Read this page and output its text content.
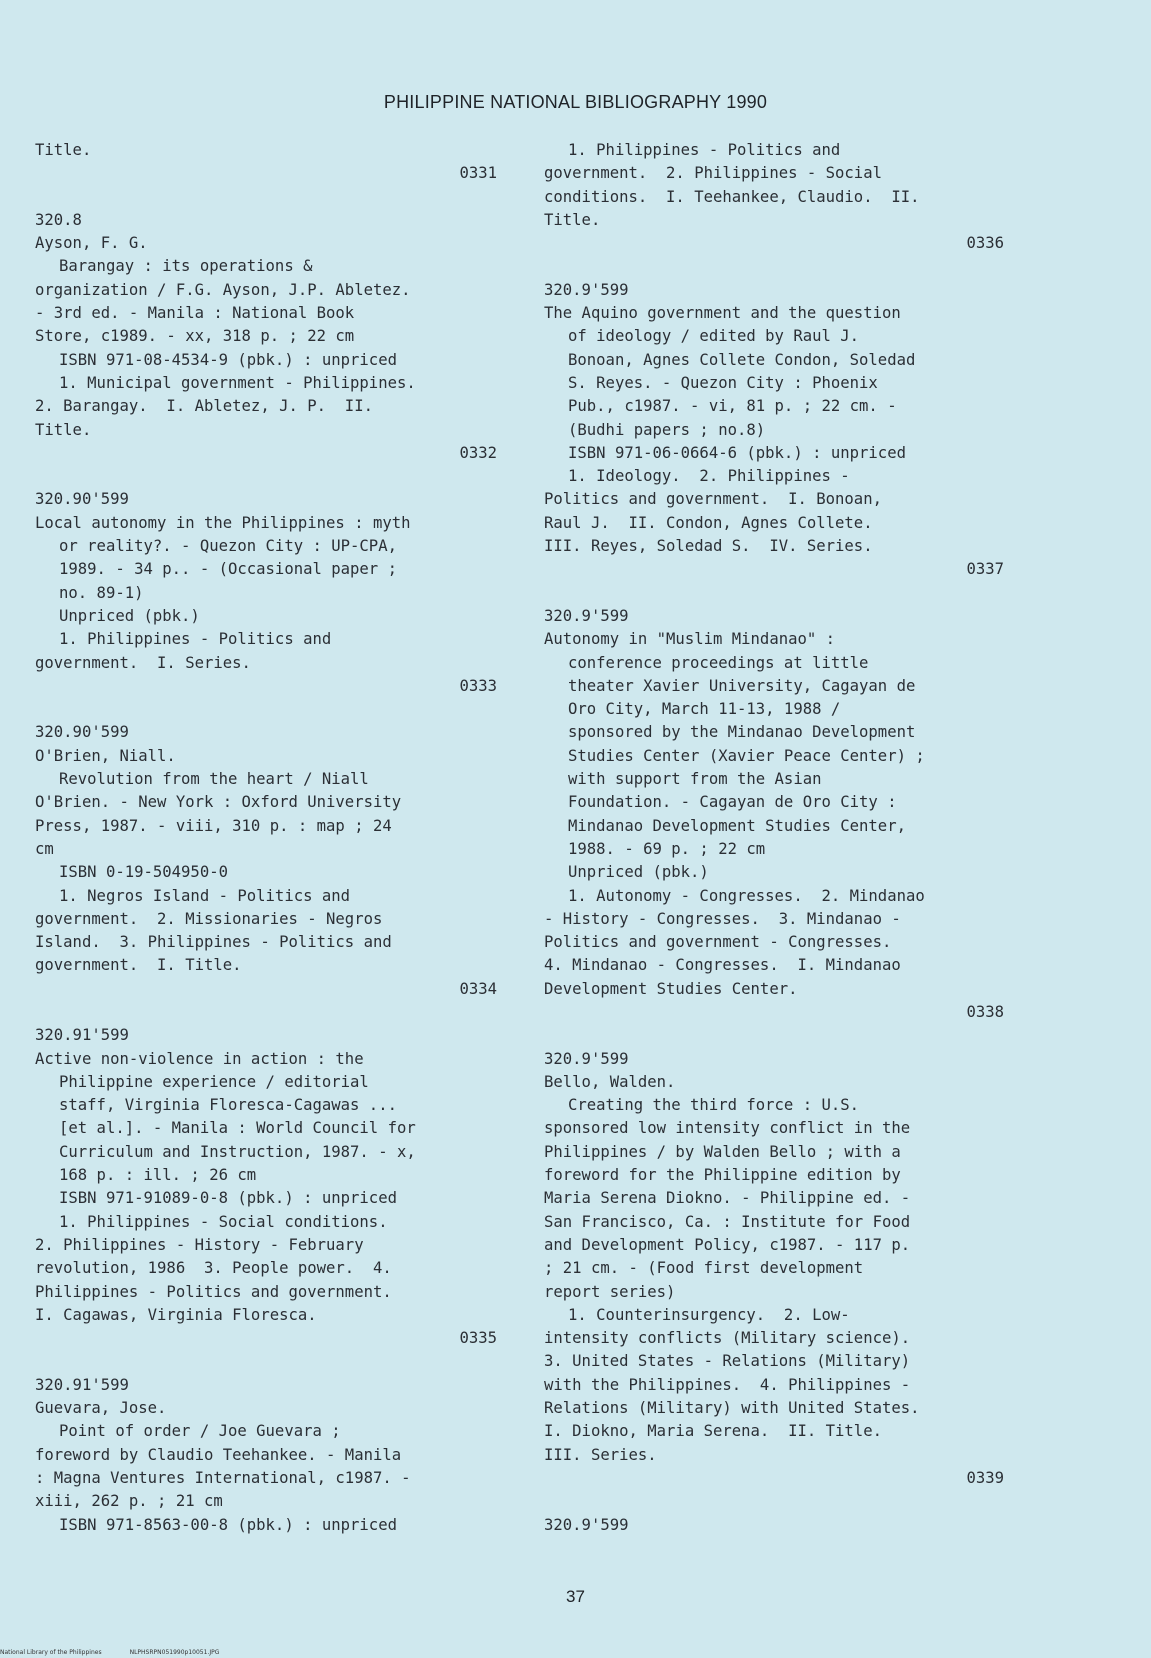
PHILIPPINE NATIONAL BIBLIOGRAPHY 1990
Title.
0331
320.8
Ayson, F. G.
Barangay : its operations &
organization / F.G. Ayson, J.P. Abletez.
- 3rd ed. - Manila : National Book
Store, c1989. - xx, 318 p. ; 22 cm
ISBN 971-08-4534-9 (pbk.) : unpriced
1. Municipal government - Philippines.
2. Barangay.  I. Abletez, J. P.  II.
Title.
0332
320.90'599
Local autonomy in the Philippines : myth
or reality?. - Quezon City : UP-CPA,
1989. - 34 p.. - (Occasional paper ;
no. 89-1)
Unpriced (pbk.)
1. Philippines - Politics and
government.  I. Series.
0333
320.90'599
O'Brien, Niall.
Revolution from the heart / Niall
O'Brien. - New York : Oxford University
Press, 1987. - viii, 310 p. : map ; 24
cm
ISBN 0-19-504950-0
1. Negros Island - Politics and
government.  2. Missionaries - Negros
Island.  3. Philippines - Politics and
government.  I. Title.
0334
320.91'599
Active non-violence in action : the
Philippine experience / editorial
staff, Virginia Floresca-Cagawas ...
[et al.]. - Manila : World Council for
Curriculum and Instruction, 1987. - x,
168 p. : ill. ; 26 cm
ISBN 971-91089-0-8 (pbk.) : unpriced
1. Philippines - Social conditions.
2. Philippines - History - February
revolution, 1986  3. People power.  4.
Philippines - Politics and government.
I. Cagawas, Virginia Floresca.
0335
320.91'599
Guevara, Jose.
Point of order / Joe Guevara ;
foreword by Claudio Teehankee. - Manila
: Magna Ventures International, c1987. -
xiii, 262 p. ; 21 cm
ISBN 971-8563-00-8 (pbk.) : unpriced
1. Philippines - Politics and
government.  2. Philippines - Social
conditions.  I. Teehankee, Claudio.  II.
Title.
0336
320.9'599
The Aquino government and the question
of ideology / edited by Raul J.
Bonoan, Agnes Collete Condon, Soledad
S. Reyes. - Quezon City : Phoenix
Pub., c1987. - vi, 81 p. ; 22 cm. -
(Budhi papers ; no.8)
ISBN 971-06-0664-6 (pbk.) : unpriced
1. Ideology.  2. Philippines -
Politics and government.  I. Bonoan,
Raul J.  II. Condon, Agnes Collete.
III. Reyes, Soledad S.  IV. Series.
0337
320.9'599
Autonomy in "Muslim Mindanao" :
conference proceedings at little
theater Xavier University, Cagayan de
Oro City, March 11-13, 1988 /
sponsored by the Mindanao Development
Studies Center (Xavier Peace Center) ;
with support from the Asian
Foundation. - Cagayan de Oro City :
Mindanao Development Studies Center,
1988. - 69 p. ; 22 cm
Unpriced (pbk.)
1. Autonomy - Congresses.  2. Mindanao
- History - Congresses.  3. Mindanao -
Politics and government - Congresses.
4. Mindanao - Congresses.  I. Mindanao
Development Studies Center.
0338
320.9'599
Bello, Walden.
Creating the third force : U.S.
sponsored low intensity conflict in the
Philippines / by Walden Bello ; with a
foreword for the Philippine edition by
Maria Serena Diokno. - Philippine ed. -
San Francisco, Ca. : Institute for Food
and Development Policy, c1987. - 117 p.
; 21 cm. - (Food first development
report series)
1. Counterinsurgency.  2. Low-
intensity conflicts (Military science).
3. United States - Relations (Military)
with the Philippines.  4. Philippines -
Relations (Military) with United States.
I. Diokno, Maria Serena.  II. Title.
III. Series.
0339
320.9'599
37
National Library of the Philippines	NLPHSRPN051990p10051.JPG
